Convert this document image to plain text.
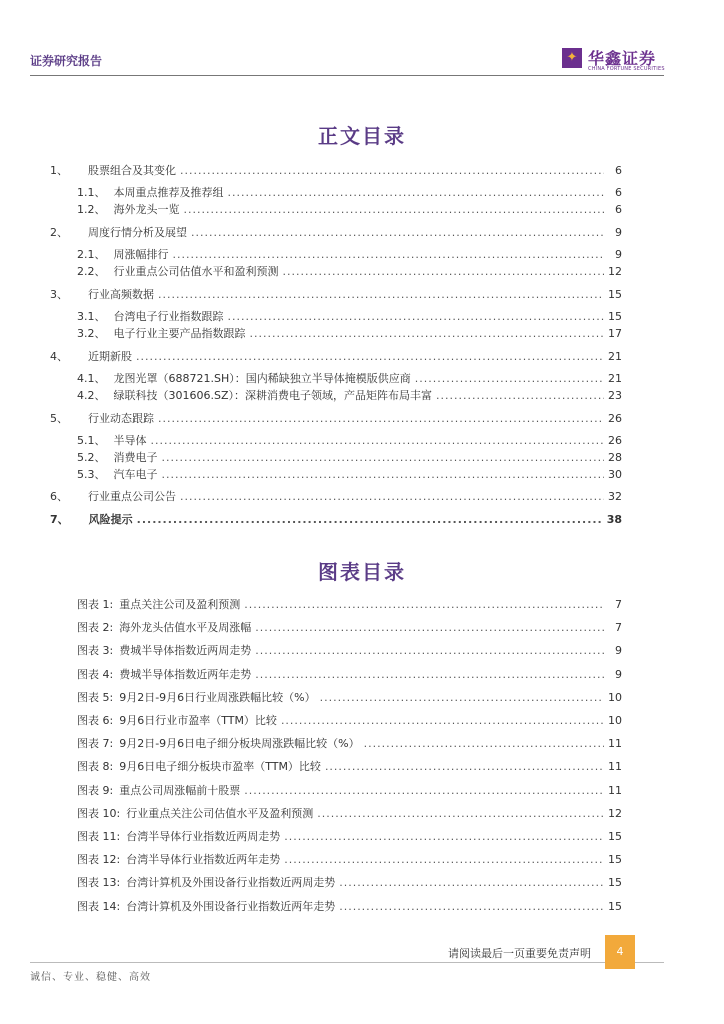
证券研究报告	✦ 华鑫证券
CHINA FORTUNE SECURITIES
正文目录
1、 股票组合及其变化 .....	6
1.1、 本周重点推荐及推荐组 .....	6
1.2、 海外龙头一览 .....	6
2、 周度行情分析及展望 .....	9
2.1、 周涨幅排行 .....	9
2.2、 行业重点公司估值水平和盈利预测 .....	12
3、 行业高频数据 .....	15
3.1、 台湾电子行业指数跟踪 .....	15
3.2、 电子行业主要产品指数跟踪 .....	17
4、 近期新股 .....	21
4.1、 龙图光罩（688721.SH）：国内稀缺独立半导体掩模版供应商 .....	21
4.2、 绿联科技（301606.SZ）：深耕消费电子领域，产品矩阵布局丰富 .....	23
5、 行业动态跟踪 .....	26
5.1、 半导体 .....	26
5.2、 消费电子 .....	28
5.3、 汽车电子 .....	30
6、 行业重点公司公告 .....	32
7、 风险提示 .....	38
图表目录
图表 1: 重点关注公司及盈利预测 .....	7
图表 2: 海外龙头估值水平及周涨幅 .....	7
图表 3: 费城半导体指数近两周走势 .....	9
图表 4: 费城半导体指数近两年走势 .....	9
图表 5: 9月2日-9月6日行业周涨跌幅比较（%） .....	10
图表 6: 9月6日行业市盈率（TTM）比较 .....	10
图表 7: 9月2日-9月6日电子细分板块周涨跌幅比较（%） .....	11
图表 8: 9月6日电子细分板块市盈率（TTM）比较 .....	11
图表 9: 重点公司周涨幅前十股票 .....	11
图表 10: 行业重点关注公司估值水平及盈利预测 .....	12
图表 11: 台湾半导体行业指数近两周走势 .....	15
图表 12: 台湾半导体行业指数近两年走势 .....	15
图表 13: 台湾计算机及外围设备行业指数近两周走势 .....	15
图表 14: 台湾计算机及外围设备行业指数近两年走势 .....	15
请阅读最后一页重要免责声明	4
诚信、专业、稳健、高效
